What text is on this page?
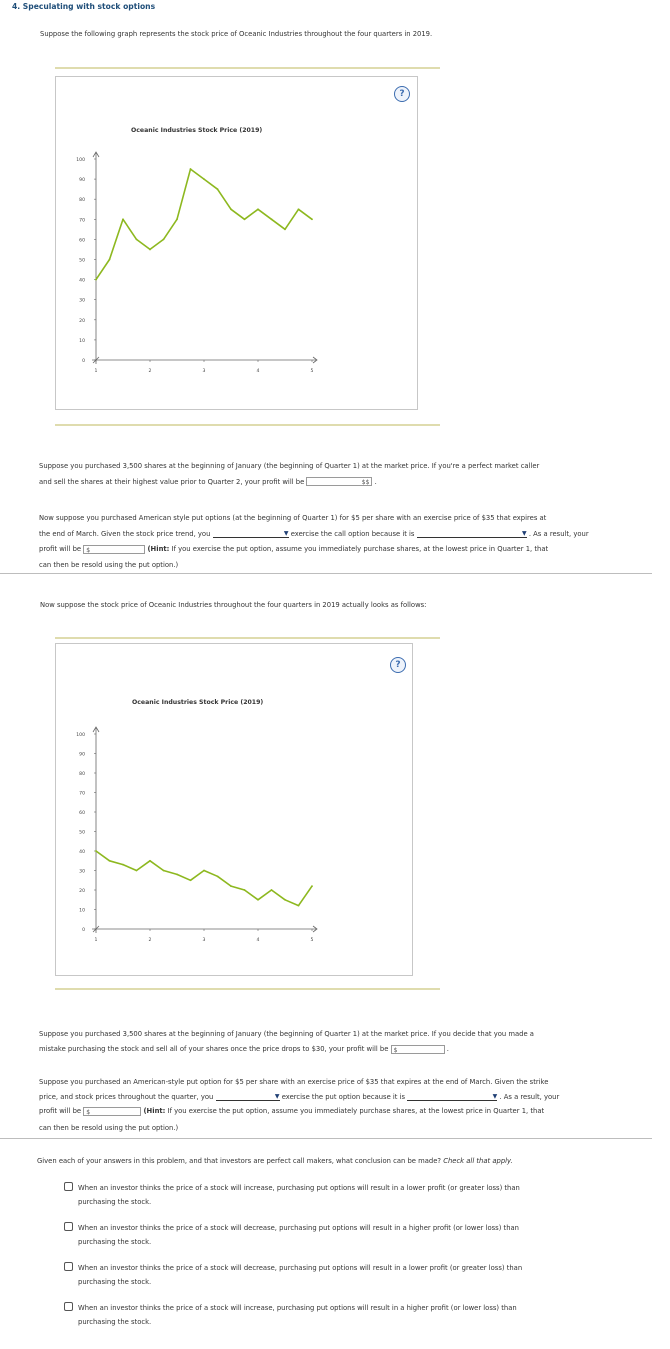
4. Speculating with stock options
Suppose the following graph represents the stock price of Oceanic Industries throughout the four quarters in 2019.
?
Oceanic Industries Stock Price (2019)
0
10
20
30
40
50
60
70
80
90
100
1	2	3	4	5
Suppose you purchased 3,500 shares at the beginning of January (the beginning of Quarter 1) at the market price. If you're a perfect market caller
and sell the shares at their highest value prior to Quarter 2, your profit will be	$$ .
Now suppose you purchased American style put options (at the beginning of Quarter 1) for $5 per share with an exercise price of $35 that expires at
the end of March. Given the stock price trend, you	▼ exercise the call option because it is	▼ . As a result, your
profit will be $	(Hint: If you exercise the put option, assume you immediately purchase shares, at the lowest price in Quarter 1, that
can then be resold using the put option.)
Now suppose the stock price of Oceanic Industries throughout the four quarters in 2019 actually looks as follows:
?
Oceanic Industries Stock Price (2019)
0
10
20
30
40
50
60
70
80
90
100
1	2	3	4	5
Suppose you purchased 3,500 shares at the beginning of January (the beginning of Quarter 1) at the market price. If you decide that you made a
mistake purchasing the stock and sell all of your shares once the price drops to $30, your profit will be $	.
Suppose you purchased an American-style put option for $5 per share with an exercise price of $35 that expires at the end of March. Given the strike
price, and stock prices throughout the quarter, you	▼ exercise the put option because it is	▼ . As a result, your
profit will be $	(Hint: If you exercise the put option, assume you immediately purchase shares, at the lowest price in Quarter 1, that
can then be resold using the put option.)
Given each of your answers in this problem, and that investors are perfect call makers, what conclusion can be made? Check all that apply.
When an investor thinks the price of a stock will increase, purchasing put options will result in a lower profit (or greater loss) than
purchasing the stock.
When an investor thinks the price of a stock will decrease, purchasing put options will result in a higher profit (or lower loss) than
purchasing the stock.
When an investor thinks the price of a stock will decrease, purchasing put options will result in a lower profit (or greater loss) than
purchasing the stock.
When an investor thinks the price of a stock will increase, purchasing put options will result in a higher profit (or lower loss) than
purchasing the stock.
